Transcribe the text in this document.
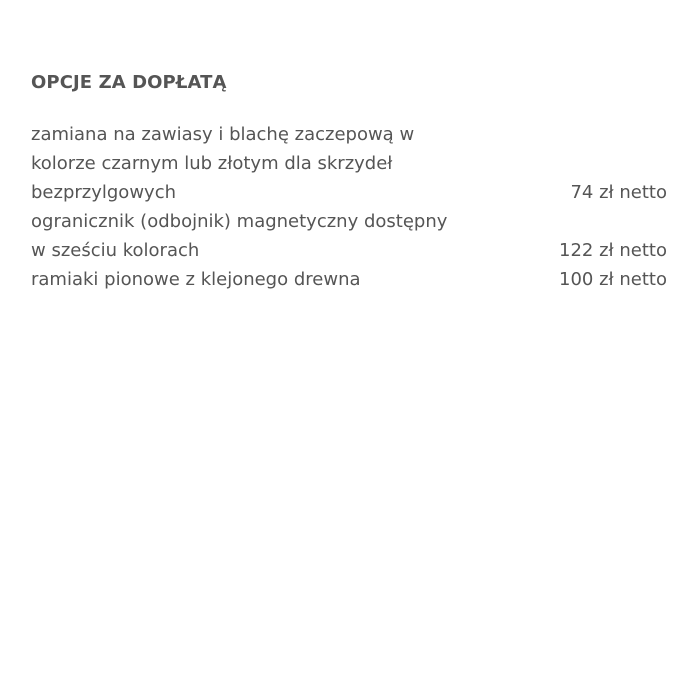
OPCJE ZA DOPŁATĄ
zamiana na zawiasy i blachę zaczepową w kolorze czarnym lub złotym dla skrzydeł bezprzylgowych	74 zł netto
ogranicznik (odbojnik) magnetyczny dostępny w sześciu kolorach	122 zł netto
ramiaki pionowe z klejonego drewna	100 zł netto
